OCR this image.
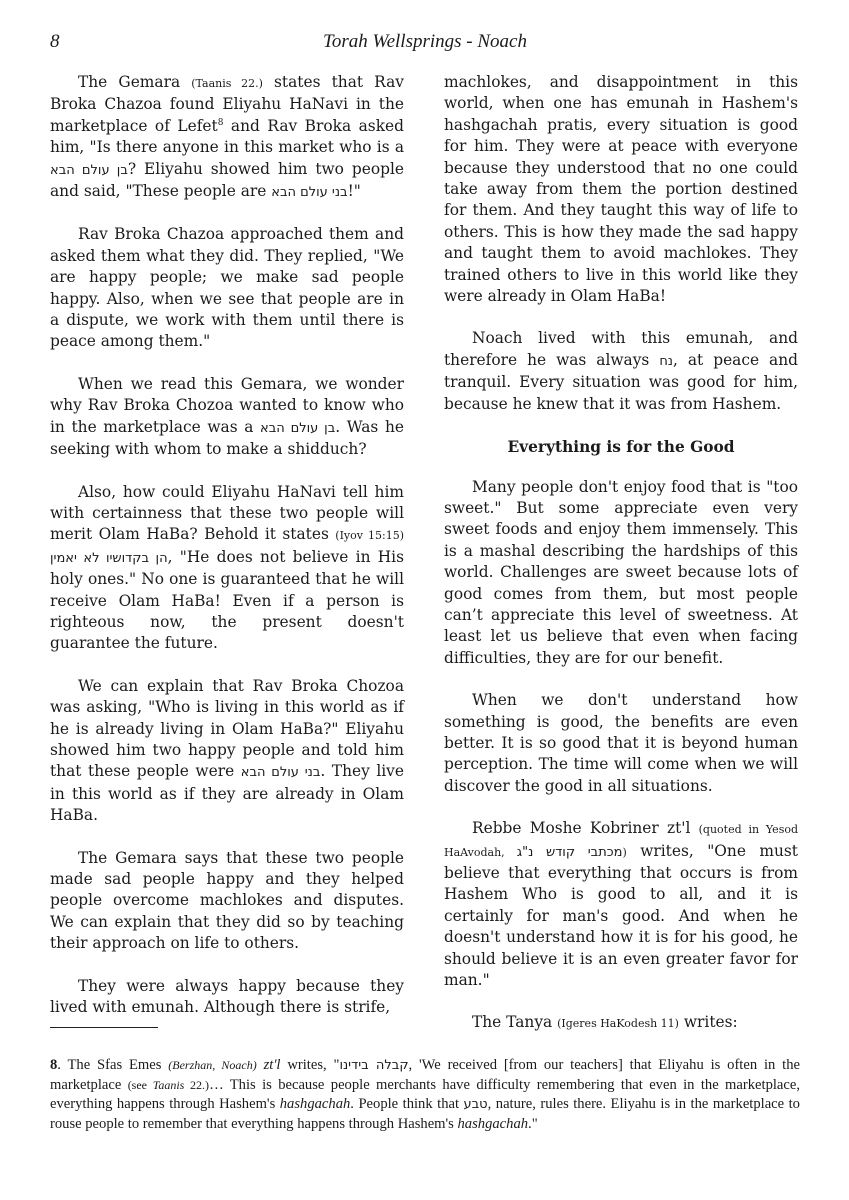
8	Torah Wellsprings - Noach

The Gemara (Taanis 22.) states that Rav Broka Chazoa found Eliyahu HaNavi in the marketplace of Lefet$^8$ and Rav Broka asked him, "Is there anyone in this market who is a בן עולם הבא? Eliyahu showed him two people and said, "These people are בני עולם הבא!"

Rav Broka Chazoa approached them and asked them what they did. They replied, "We are happy people; we make sad people happy. Also, when we see that people are in a dispute, we work with them until there is peace among them."

When we read this Gemara, we wonder why Rav Broka Chozoa wanted to know who in the marketplace was a בן עולם הבא. Was he seeking with whom to make a shidduch?

Also, how could Eliyahu HaNavi tell him with certainness that these two people will merit Olam HaBa? Behold it states (Iyov 15:15) הן בקדושיו לא יאמין, "He does not believe in His holy ones." No one is guaranteed that he will receive Olam HaBa! Even if a person is righteous now, the present doesn't guarantee the future.

We can explain that Rav Broka Chozoa was asking, "Who is living in this world as if he is already living in Olam HaBa?" Eliyahu showed him two happy people and told him that these people were בני עולם הבא. They live in this world as if they are already in Olam HaBa.

The Gemara says that these two people made sad people happy and they helped people overcome machlokes and disputes. We can explain that they did so by teaching their approach on life to others.

They were always happy because they lived with emunah. Although there is strife,

machlokes, and disappointment in this world, when one has emunah in Hashem's hashgachah pratis, every situation is good for him. They were at peace with everyone because they understood that no one could take away from them the portion destined for them. And they taught this way of life to others. This is how they made the sad happy and taught them to avoid machlokes. They trained others to live in this world like they were already in Olam HaBa!

Noach lived with this emunah, and therefore he was always נח, at peace and tranquil. Every situation was good for him, because he knew that it was from Hashem.

Everything is for the Good

Many people don't enjoy food that is "too sweet." But some appreciate even very sweet foods and enjoy them immensely. This is a mashal describing the hardships of this world. Challenges are sweet because lots of good comes from them, but most people can’t appreciate this level of sweetness. At least let us believe that even when facing difficulties, they are for our benefit.

When we don't understand how something is good, the benefits are even better. It is so good that it is beyond human perception. The time will come when we will discover the good in all situations.

Rebbe Moshe Kobriner zt'l (quoted in Yesod HaAvodah, מכתבי קודש נ"ג) writes, "One must believe that everything that occurs is from Hashem Who is good to all, and it is certainly for man's good. And when he doesn't understand how it is for his good, he should believe it is an even greater favor for man."

The Tanya (Igeres HaKodesh 11) writes:

8. The Sfas Emes (Berzhan, Noach) zt'l writes, "קבלה בידינו, 'We received [from our teachers] that Eliyahu is often in the marketplace (see Taanis 22.)… This is because people merchants have difficulty remembering that even in the marketplace, everything happens through Hashem's hashgachah. People think that טבע, nature, rules there. Eliyahu is in the marketplace to rouse people to remember that everything happens through Hashem's hashgachah."
